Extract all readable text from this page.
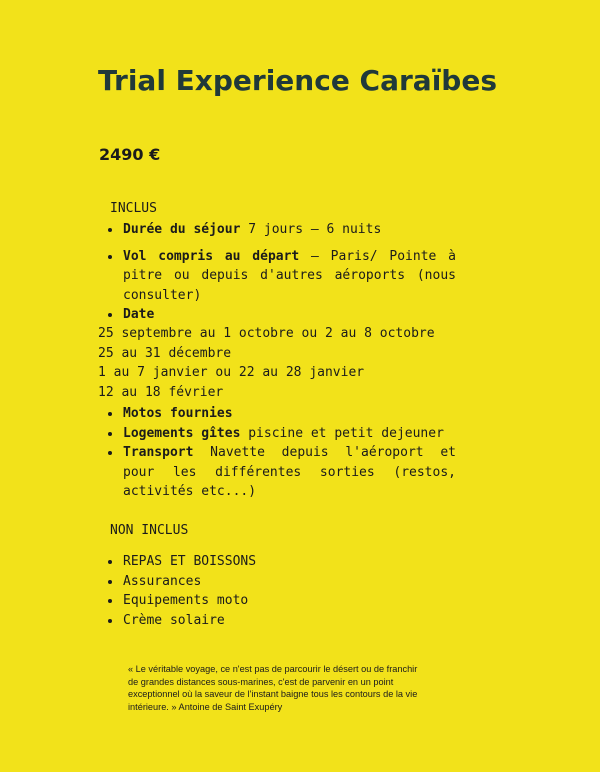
Trial Experience Caraïbes
2490 €
INCLUS
Durée du séjour 7 jours – 6 nuits
Vol compris au départ – Paris/ Pointe à pitre ou depuis d'autres aéroports (nous consulter)
Date
25 septembre au 1 octobre ou 2 au 8 octobre
25 au 31 décembre
1 au 7 janvier ou 22 au 28 janvier
12 au 18 février
Motos fournies
Logements gîtes piscine et petit dejeuner
Transport Navette depuis l'aéroport et pour les différentes sorties (restos, activités etc...)
NON INCLUS
REPAS ET BOISSONS
Assurances
Equipements moto
Crème solaire
« Le véritable voyage, ce n'est pas de parcourir le désert ou de franchir de grandes distances sous-marines, c'est de parvenir en un point exceptionnel où la saveur de l'instant baigne tous les contours de la vie intérieure. » Antoine de Saint Exupéry
